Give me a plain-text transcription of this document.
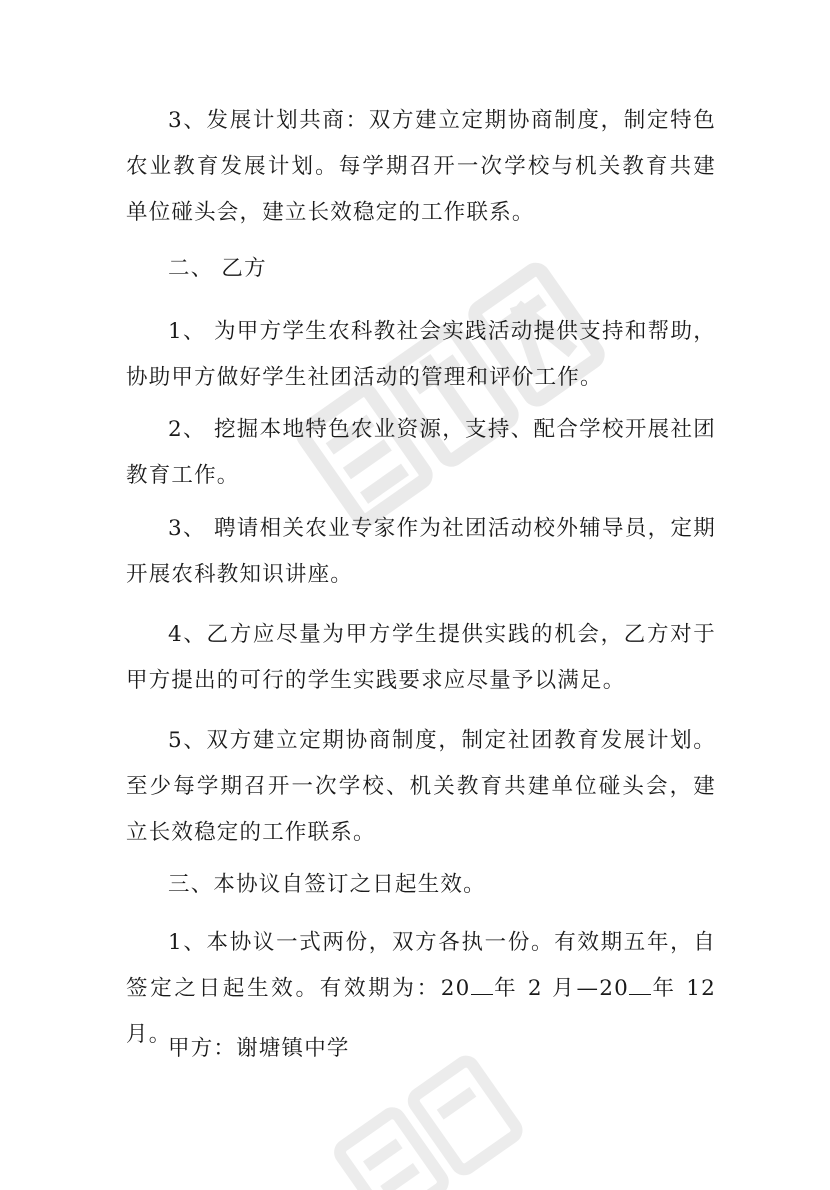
3、发展计划共商：双方建立定期协商制度，制定特色农业教育发展计划。每学期召开一次学校与机关教育共建单位碰头会，建立长效稳定的工作联系。

二、 乙方

1、 为甲方学生农科教社会实践活动提供支持和帮助，协助甲方做好学生社团活动的管理和评价工作。

2、 挖掘本地特色农业资源，支持、配合学校开展社团教育工作。

3、 聘请相关农业专家作为社团活动校外辅导员，定期开展农科教知识讲座。

4、乙方应尽量为甲方学生提供实践的机会，乙方对于甲方提出的可行的学生实践要求应尽量予以满足。

5、双方建立定期协商制度，制定社团教育发展计划。至少每学期召开一次学校、机关教育共建单位碰头会，建立长效稳定的工作联系。

三、本协议自签订之日起生效。

1、本协议一式两份，双方各执一份。有效期五年，自签定之日起生效。有效期为：20 年 2 月—20 年 12 月。

甲方：谢塘镇中学
